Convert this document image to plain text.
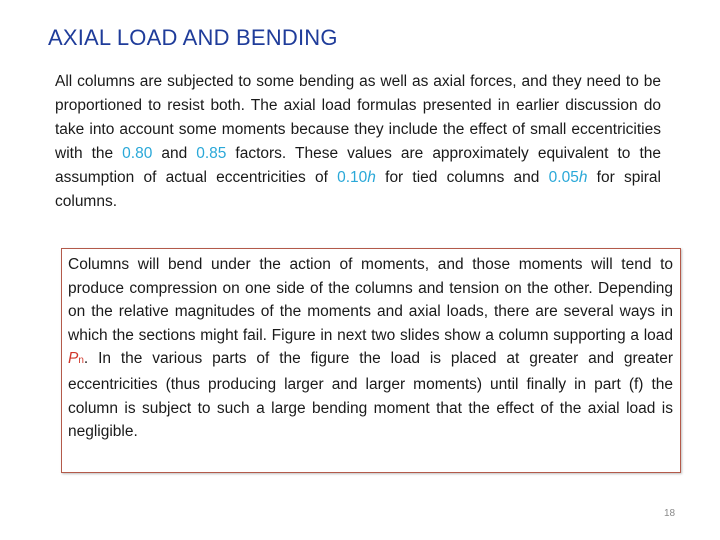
AXIAL LOAD AND BENDING

All columns are subjected to some bending as well as axial forces, and they need to be proportioned to resist both. The axial load formulas presented in earlier discussion do take into account some moments because they include the effect of small eccentricities with the 0.80 and 0.85 factors. These values are approximately equivalent to the assumption of actual eccentricities of 0.10h for tied columns and 0.05h for spiral columns.

Columns will bend under the action of moments, and those moments will tend to produce compression on one side of the columns and tension on the other. Depending on the relative magnitudes of the moments and axial loads, there are several ways in which the sections might fail. Figure in next two slides show a column supporting a load Pn. In the various parts of the figure the load is placed at greater and greater eccentricities (thus producing larger and larger moments) until finally in part (f) the column is subject to such a large bending moment that the effect of the axial load is negligible.

18
